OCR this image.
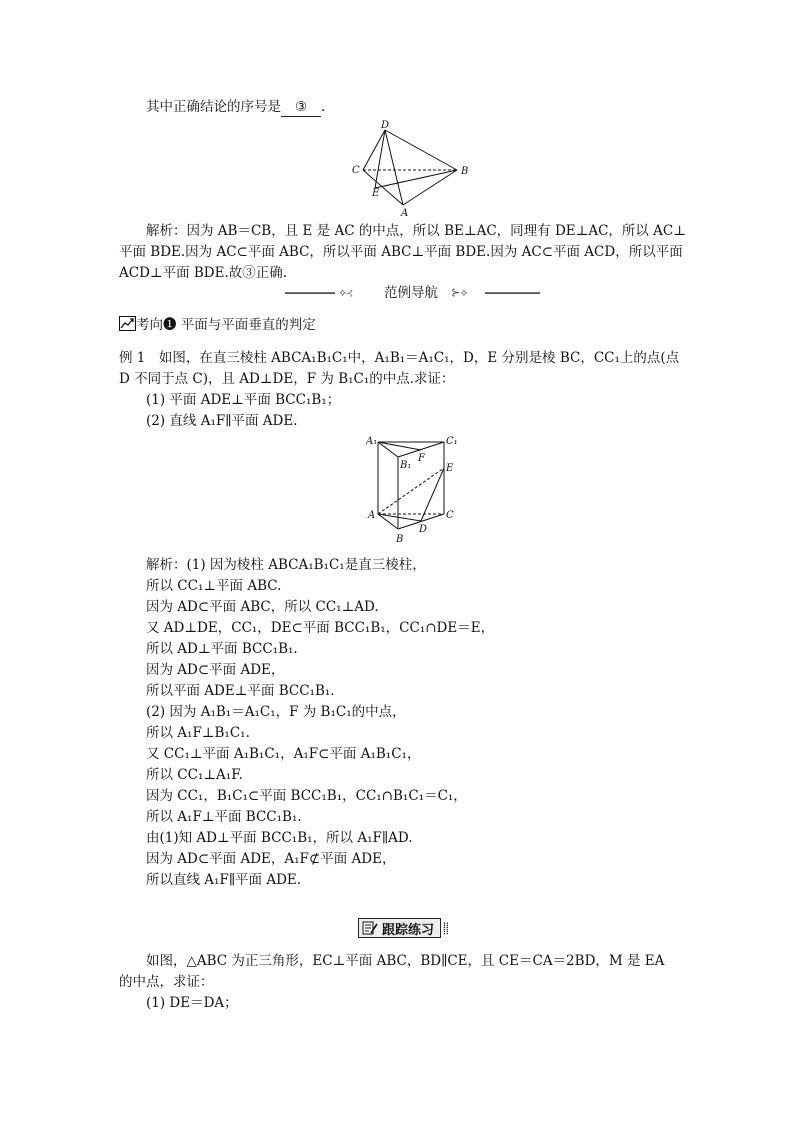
其中正确结论的序号是 ③ .
D
C	B
E
A
解析：因为 AB＝CB，且 E 是 AC 的中点，所以 BE⊥AC，同理有 DE⊥AC，所以 AC⊥
平面 BDE.因为 AC⊂平面 ABC，所以平面 ABC⊥平面 BDE.因为 AC⊂平面 ACD，所以平面
ACD⊥平面 BDE.故③正确.
⟡⊰ 范例导航 ⊱⟡
考向❶ 平面与平面垂直的判定
例 1　如图，在直三棱柱 ABCA₁B₁C₁中，A₁B₁＝A₁C₁，D，E 分别是棱 BC，CC₁上的点(点
D 不同于点 C)，且 AD⊥DE，F 为 B₁C₁的中点.求证：
(1) 平面 ADE⊥平面 BCC₁B₁；
(2) 直线 A₁F∥平面 ADE.
A₁	C₁
B₁
F
E
A	C
D
B
解析：(1) 因为棱柱 ABCA₁B₁C₁是直三棱柱，
所以 CC₁⊥平面 ABC.
因为 AD⊂平面 ABC，所以 CC₁⊥AD.
又 AD⊥DE，CC₁，DE⊂平面 BCC₁B₁，CC₁∩DE＝E，
所以 AD⊥平面 BCC₁B₁.
因为 AD⊂平面 ADE，
所以平面 ADE⊥平面 BCC₁B₁.
(2) 因为 A₁B₁＝A₁C₁，F 为 B₁C₁的中点，
所以 A₁F⊥B₁C₁.
又 CC₁⊥平面 A₁B₁C₁，A₁F⊂平面 A₁B₁C₁，
所以 CC₁⊥A₁F.
因为 CC₁，B₁C₁⊂平面 BCC₁B₁，CC₁∩B₁C₁＝C₁，
所以 A₁F⊥平面 BCC₁B₁.
由(1)知 AD⊥平面 BCC₁B₁，所以 A₁F∥AD.
因为 AD⊂平面 ADE，A₁F⊄平面 ADE，
所以直线 A₁F∥平面 ADE.
跟踪练习 ⸽⸽
如图，△ABC 为正三角形，EC⊥平面 ABC，BD∥CE，且 CE＝CA＝2BD，M 是 EA
的中点，求证：
(1) DE＝DA；
